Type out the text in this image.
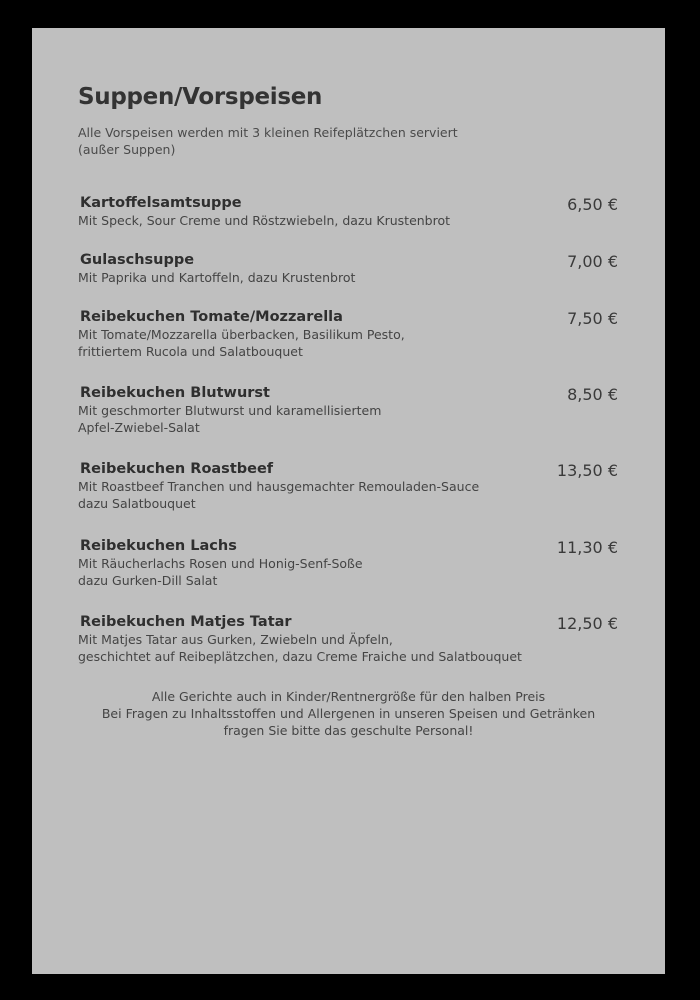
Suppen/Vorspeisen
Alle Vorspeisen werden mit 3 kleinen Reifeplätzchen serviert
(außer Suppen)
Kartoffelsamtsuppe
Mit Speck, Sour Creme und Röstzwiebeln, dazu Krustenbrot
6,50 €
Gulaschsuppe
Mit Paprika und Kartoffeln, dazu Krustenbrot
7,00 €
Reibekuchen Tomate/Mozzarella
Mit Tomate/Mozzarella überbacken, Basilikum Pesto,
frittiertem Rucola und Salatbouquet
7,50 €
Reibekuchen Blutwurst
Mit geschmorter Blutwurst und karamellisiertem
Apfel-Zwiebel-Salat
8,50 €
Reibekuchen Roastbeef
Mit Roastbeef Tranchen und hausgemachter Remouladen-Sauce
dazu Salatbouquet
13,50 €
Reibekuchen Lachs
Mit Räucherlachs Rosen und Honig-Senf-Soße
dazu Gurken-Dill Salat
11,30 €
Reibekuchen Matjes Tatar
Mit Matjes Tatar aus Gurken, Zwiebeln und Äpfeln,
geschichtet auf Reibeplätzchen, dazu Creme Fraiche und Salatbouquet
12,50 €
Alle Gerichte auch in Kinder/Rentnergröße für den halben Preis
Bei Fragen zu Inhaltsstoffen und Allergenen in unseren Speisen und Getränken
fragen Sie bitte das geschulte Personal!
